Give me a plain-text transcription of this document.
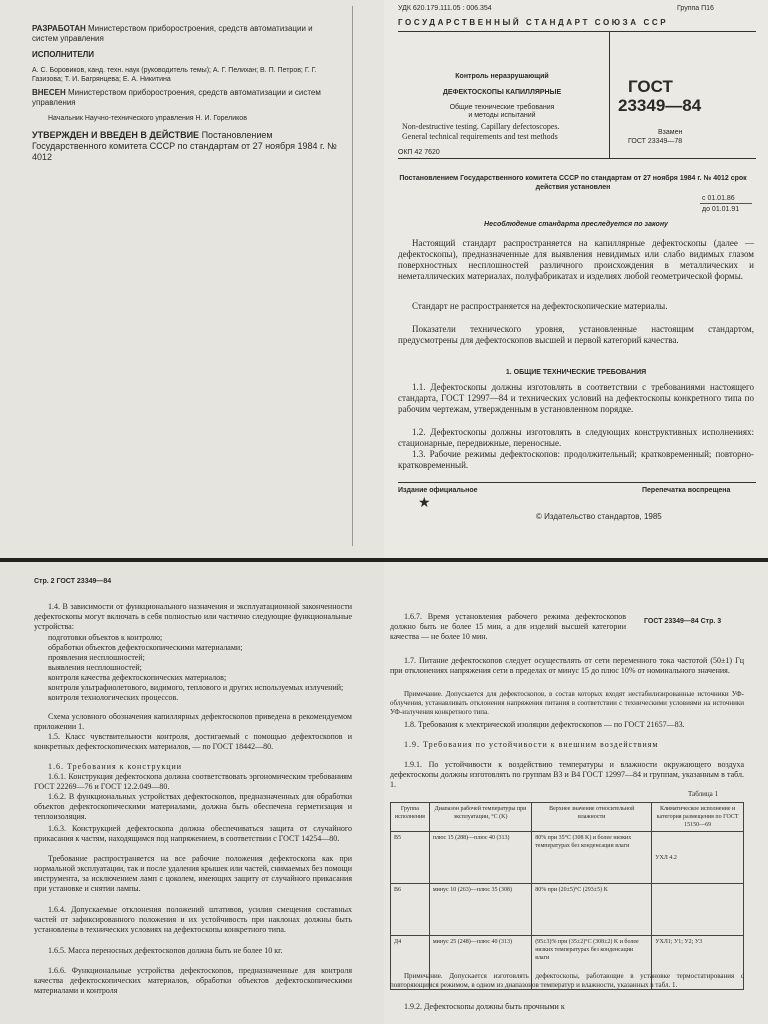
РАЗРАБОТАН Министерством приборостроения, средств автоматизации и систем управления
ИСПОЛНИТЕЛИ
А. С. Боровиков, канд. техн. наук (руководитель темы); А. Г. Пелихан; В. П. Петров; Г. Г. Газизова; Т. И. Багрянцева; Е. А. Никитина
ВНЕСЕН Министерством приборостроения, средств автоматизации и систем управления
Начальник Научно-технического управления Н. И. Гореликов
УТВЕРЖДЕН И ВВЕДЕН В ДЕЙСТВИЕ Постановлением Государственного комитета СССР по стандартам от 27 ноября 1984 г. № 4012
УДК 620.179.111.05 : 006.354	Группа П16
ГОСУДАРСТВЕННЫЙ СТАНДАРТ СОЮЗА ССР
Контроль неразрушающий
ДЕФЕКТОСКОПЫ КАПИЛЛЯРНЫЕ
Общие технические требования
и методы испытаний
Non-destructive testing. Capillary defectoscopes.
General technical requirements and test methods
ГОСТ
23349—84
Взамен
ГОСТ 23349—78
ОКП 42 7620
Постановлением Государственного комитета СССР по стандартам от 27 ноября 1984 г. № 4012 срок действия установлен
с 01.01.86
до 01.01.91
Несоблюдение стандарта преследуется по закону
Настоящий стандарт распространяется на капиллярные дефектоскопы (далее — дефектоскопы), предназначенные для выявления невидимых или слабо видимых глазом поверхностных несплошностей различного происхождения в металлических и неметаллических материалах, полуфабрикатах и изделиях любой геометрической формы.
Стандарт не распространяется на дефектоскопические материалы.
Показатели технического уровня, установленные настоящим стандартом, предусмотрены для дефектоскопов высшей и первой категорий качества.
1. ОБЩИЕ ТЕХНИЧЕСКИЕ ТРЕБОВАНИЯ
1.1. Дефектоскопы должны изготовлять в соответствии с требованиями настоящего стандарта, ГОСТ 12997—84 и технических условий на дефектоскопы конкретного типа по рабочим чертежам, утвержденным в установленном порядке.
1.2. Дефектоскопы должны изготовлять в следующих конструктивных исполнениях: стационарные, передвижные, переносные.
1.3. Рабочие режимы дефектоскопов: продолжительный; кратковременный; повторно-кратковременный.
Издание официальное	Перепечатка воспрещена
★
© Издательство стандартов, 1985
Стр. 2 ГОСТ 23349—84
1.4. В зависимости от функционального назначения и эксплуатационной законченности дефектоскопы могут включать в себя полностью или частично следующие функциональные устройства:
подготовки объектов к контролю;
обработки объектов дефектоскопическими материалами;
проявления несплошностей;
выявления несплошностей;
контроля качества дефектоскопических материалов;
контроля ультрафиолетового, видимого, теплового и других используемых излучений;
контроля технологических процессов.
Схема условного обозначения капиллярных дефектоскопов приведена в рекомендуемом приложении 1.
1.5. Класс чувствительности контроля, достигаемый с помощью дефектоскопов и конкретных дефектоскопических материалов, — по ГОСТ 18442—80.
1.6. Требования к конструкции
1.6.1. Конструкция дефектоскопа должна соответствовать эргономическим требованиям ГОСТ 22269—76 и ГОСТ 12.2.049—80.
1.6.2. В функциональных устройствах дефектоскопов, предназначенных для обработки объектов дефектоскопическими материалами, должна быть обеспечена герметизация и теплоизоляция.
1.6.3. Конструкцией дефектоскопа должна обеспечиваться защита от случайного прикасания к частям, находящимся под напряжением, в соответствии с ГОСТ 14254—80.
Требование распространяется на все рабочие положения дефектоскопа как при нормальной эксплуатации, так и после удаления крышек или частей, снимаемых без помощи инструмента, за исключением ламп с цоколем, имеющих защиту от случайного прикасания при установке и снятии лампы.
1.6.4. Допускаемые отклонения положений штативов, усилия смещения составных частей от зафиксированного положения и их устойчивость при наклонах должны быть установлены в технических условиях на дефектоскопы конкретного типа.
1.6.5. Масса переносных дефектоскопов должна быть не более 10 кг.
1.6.6. Функциональные устройства дефектоскопов, предназначенные для контроля качества дефектоскопических материалов, обработки объектов дефектоскопическими материалами и контроля
ГОСТ 23349—84 Стр. 3
1.6.7. Время установления рабочего режима дефектоскопов должно быть не более 15 мин, а для изделий высшей категории качества — не более 10 мин.
1.7. Питание дефектоскопов следует осуществлять от сети переменного тока частотой (50±1) Гц при отклонениях напряжения сети в пределах от минус 15 до плюс 10% от номинального значения.
Примечание. Допускается для дефектоскопов, в состав которых входят нестабилизированные источники УФ-облучения, устанавливать отклонения напряжения питания в соответствии с техническими условиями на источники УФ-излучения конкретного типа.
1.8. Требования к электрической изоляции дефектоскопов — по ГОСТ 21657—83.
1.9. Требования по устойчивости к внешним воздействиям
1.9.1. По устойчивости к воздействию температуры и влажности окружающего воздуха дефектоскопы должны изготовлять по группам В3 и В4 ГОСТ 12997—84 и группам, указанным в табл. 1.
Таблица 1
Группа исполнения	Диапазон рабочей температуры при эксплуатации, °C (K)	Верхнее значение относительной влажности	Климатическое исполнение и категория размещения по ГОСТ 15150—69
В5	плюс 15 (288)—плюс 40 (313)	80% при 35°C (308 K) и более низких температурах без конденсации влаги	УХЛ 4.2
В6	минус 10 (263)—плюс 35 (308)	80% при (20±5)°C (293±5) K	
Д4	минус 25 (248)—плюс 40 (313)	(95±3)% при (35±2)°C (308±2) K и более низких температурах без конденсации влаги	УХЛ1; У1; У2; У3
Примечание. Допускается изготовлять дефектоскопы, работающие в установке термостатирования с повторяющимся режимом, в одном из диапазонов температур и влажности, указанных в табл. 1.
1.9.2. Дефектоскопы должны быть прочными к
